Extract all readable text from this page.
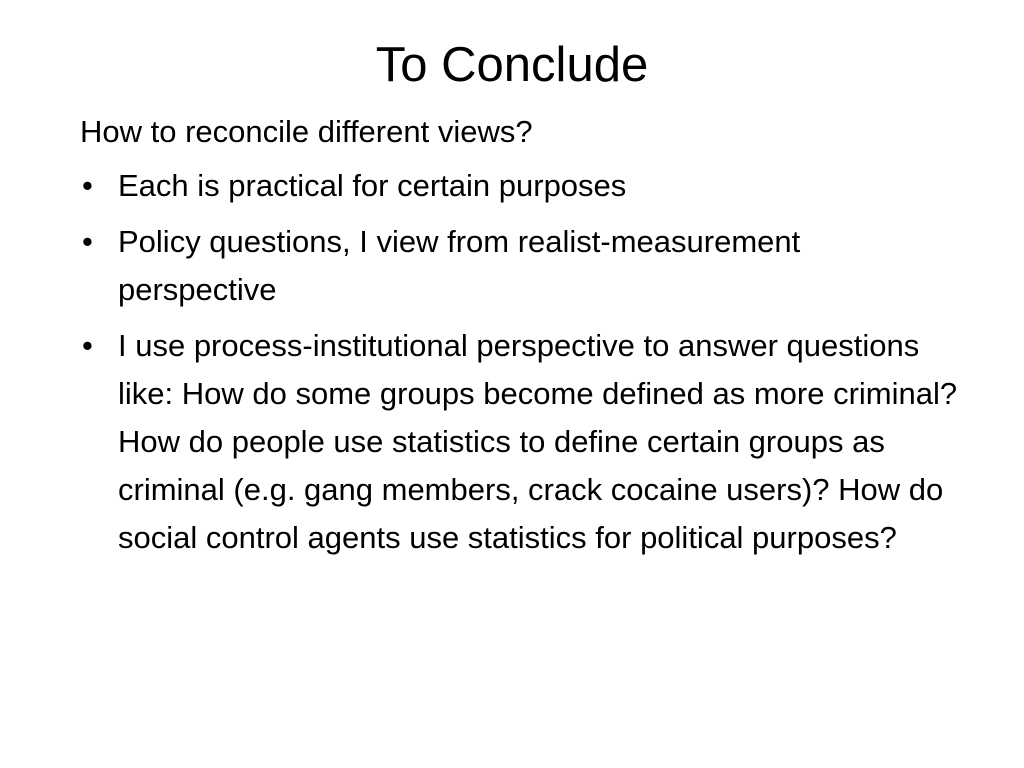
To Conclude

How to reconcile different views?

• Each is practical for certain purposes
• Policy questions, I view from realist-measurement perspective
• I use process-institutional perspective to answer questions like: How do some groups become defined as more criminal? How do people use statistics to define certain groups as criminal (e.g. gang members, crack cocaine users)? How do social control agents use statistics for political purposes?
